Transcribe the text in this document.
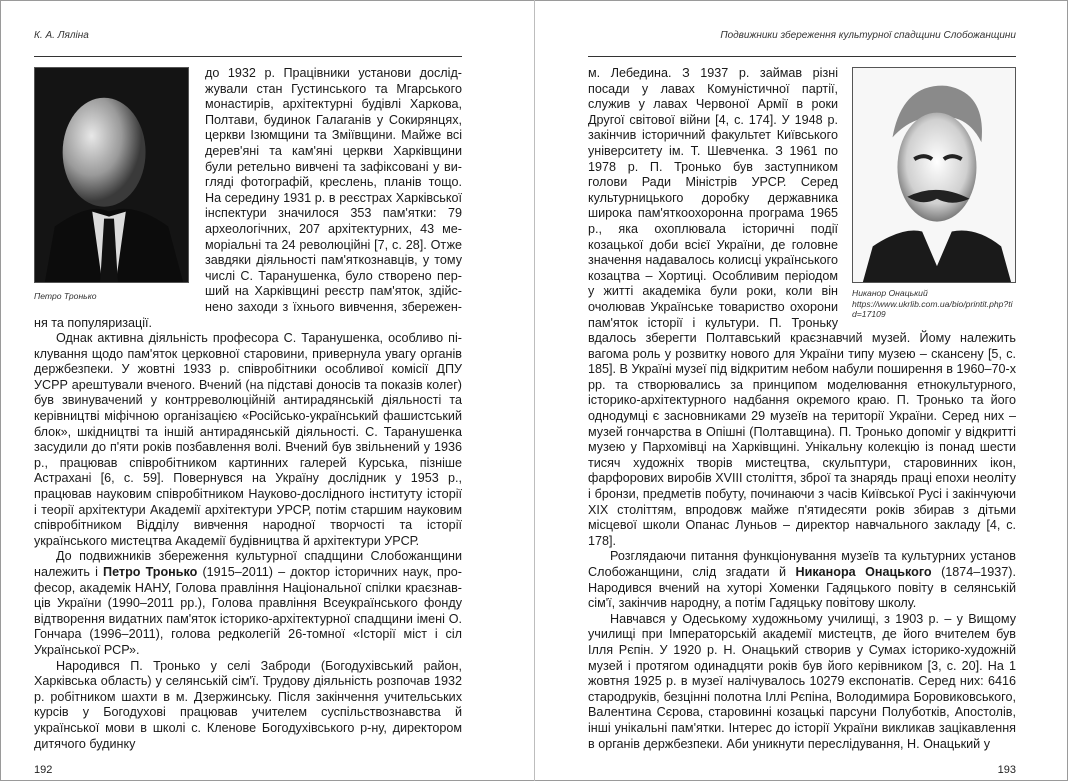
К. А. Ляліна
Петро Тронько

до 1932 р. Працівники установи досліджували стан Густинського та Мгарського монастирів, архітектурні будівлі Харкова, Полтави, будинок Галаганів у Сокирянцях, церкви Ізюмщини та Зміївщини. Майже всі дерев'яні та кам'яні церкви Харківщини були ретельно вивчені та зафіксовані у вигляді фотографій, креслень, планів тощо. На середину 1931 р. в реєстрах Харківської інспектури значилося 353 пам'ятки: 79 археологічних, 207 архітектурних, 43 меморіальні та 24 революційні [7, с. 28]. Отже завдяки діяльності пам'яткознавців, у тому числі С. Таранушенка, було створено перший на Харківщині реєстр пам'яток, здійснено заходи з їхнього вивчення, збереження та популяризації.

Однак активна діяльність професора С. Таранушенка, особливо піклування щодо пам'яток церковної старовини, привернула увагу органів держбезпеки. У жовтні 1933 р. співробітники особливої комісії ДПУ УСРР арештували вченого. Вчений (на підставі доносів та показів колег) був звинувачений у контрреволюційній антирадянській діяльності та керівництві міфічною організацією «Російсько-український фашистський блок», шкідництві та іншій антирадянській діяльності. С. Таранушенка засудили до п'яти років позбавлення волі. Вчений був звільнений у 1936 р., працював співробітником картинних галерей Курська, пізніше Астрахані [6, с. 59]. Повернувся на Україну дослідник у 1953 р., працював науковим співробітником Науково-дослідного інституту історії і теорії архітектури Академії архітектури УРСР, потім старшим науковим співробітником Відділу вивчення народної творчості та історії українського мистецтва Академії будівництва й архітектури УРСР.

До подвижників збереження культурної спадщини Слобожанщини належить і Петро Тронько (1915–2011) – доктор історичних наук, професор, академік НАНУ, Голова правління Національної спілки краєзнавців України (1990–2011 рр.), Голова правління Всеукраїнського фонду відтворення видатних пам'яток історико-архітектурної спадщини імені О. Гончара (1996–2011), голова редколегій 26-томної «Історії міст і сіл Української РСР».

Народився П. Тронько у селі Заброди (Богодухівський район, Харківська область) у селянській сім'ї. Трудову діяльність розпочав 1932 р. робітником шахти в м. Дзержинську. Після закінчення учительських курсів у Богодухові працював учителем суспільствознавства й української мови в школі с. Кленове Богодухівського р-ну, директором дитячого будинку

192
Подвижники збереження культурної спадщини Слобожанщини
Никанор Онацький
https://www.ukrlib.com.ua/bio/printit.php?tid=17109

м. Лебедина. З 1937 р. займав різні посади у лавах Комуністичної партії, служив у лавах Червоної Армії в роки Другої світової війни [4, с. 174]. У 1948 р. закінчив історичний факультет Київського університету ім. Т. Шевченка. З 1961 по 1978 р. П. Тронько був заступником голови Ради Міністрів УРСР. Серед культурницького доробку державника широка пам'яткоохоронна програма 1965 р., яка охоплювала історичні події козацької доби всієї України, де головне значення надавалось колисці українського козацтва – Хортиці. Особливим періодом у житті академіка були роки, коли він очолював Українське товариство охорони пам'яток історії і культури. П. Троньку вдалось зберегти Полтавський краєзнавчий музей. Йому належить вагома роль у розвитку нового для України типу музею – скансену [5, с. 185]. В Україні музеї під відкритим небом набули поширення в 1960–70-х рр. та створювались за принципом моделювання етнокультурного, історико-архітектурного надбання окремого краю. П. Тронько та його однодумці є засновниками 29 музеїв на території України. Серед них – музей гончарства в Опішні (Полтавщина). П. Тронько допоміг у відкритті музею у Пархомівці на Харківщині. Унікальну колекцію із понад шести тисяч художніх творів мистецтва, скульптури, старовинних ікон, фарфорових виробів XVIII століття, зброї та знарядь праці епохи неоліту і бронзи, предметів побуту, починаючи з часів Київської Русі і закінчуючи XIX століттям, впродовж майже п'ятидесяти років збирав з дітьми місцевої школи Опанас Луньов – директор навчального закладу [4, с. 178].

Розглядаючи питання функціонування музеїв та культурних установ Слобожанщини, слід згадати й Никанора Онацького (1874–1937). Народився вчений на хуторі Хоменки Гадяцького повіту в селянській сім'ї, закінчив народну, а потім Гадяцьку повітову школу.

Навчався у Одеському художньому училищі, з 1903 р. – у Вищому училищі при Імператорській академії мистецтв, де його вчителем був Ілля Рєпін. У 1920 р. Н. Онацький створив у Сумах історико-художній музей і протягом одинадцяти років був його керівником [3, с. 20]. На 1 жовтня 1925 р. в музеї налічувалось 10279 експонатів. Серед них: 6416 стародруків, безцінні полотна Іллі Рєпіна, Володимира Боровиковського, Валентина Сєрова, старовинні козацькі парсуни Полуботків, Апостолів, інші унікальні пам'ятки. Інтерес до історії України викликав зацікавлення в органів держбезпеки. Аби уникнути переслідування, Н. Онацький у

193
